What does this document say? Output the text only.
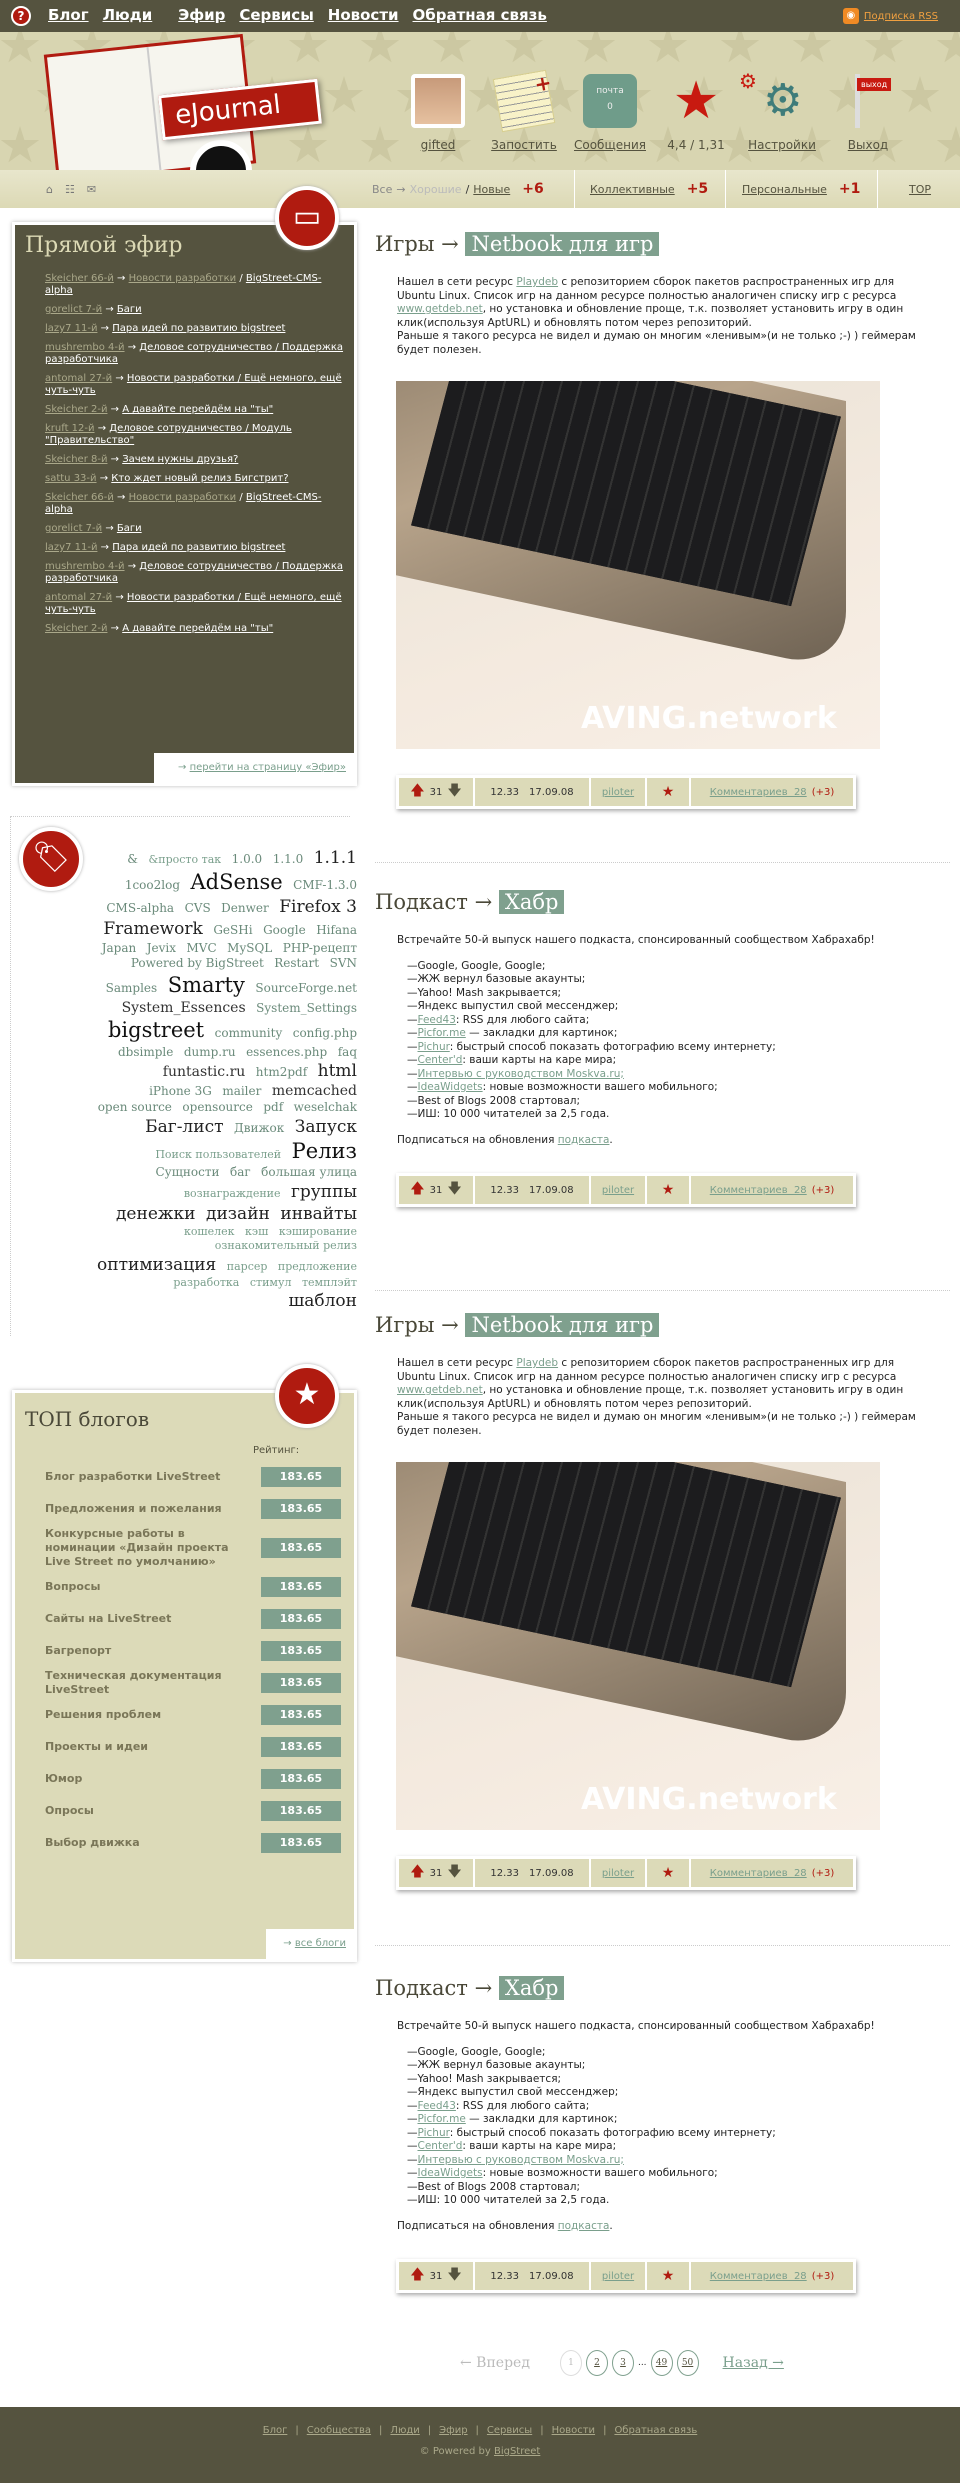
?	Блог Люди Эфир Сервисы Новости Обратная связь	◉ Подписка RSS
eJournal
gifted
+
Запостить
почта
0
Сообщения
★
4,4 / 1,31
⚙
⚙
Настройки
выход
Выход
⌂ ☷ ✉	Все → Хорошие / Новые +6	Коллективные +5	Персональные +1	TOP
Прямой эфир
Skeicher 66-й → Новости разработки / BigStreet-CMS-alpha
gorelict 7-й → Баги
lazy7 11-й → Пара идей по развитию bigstreet
mushrembo 4-й → Деловое сотрудничество / Поддержка разработчика
antomal 27-й → Новости разработки / Ещё немного, ещё чуть-чуть
Skeicher 2-й → А давайте перейдём на "ты"
kruft 12-й → Деловое сотрудничество / Модуль "Правительство"
Skeicher 8-й → Зачем нужны друзья?
sattu 33-й → Кто ждет новый релиз Бигстрит?
Skeicher 66-й → Новости разработки / BigStreet-CMS-alpha
gorelict 7-й → Баги
lazy7 11-й → Пара идей по развитию bigstreet
mushrembo 4-й → Деловое сотрудничество / Поддержка разработчика
antomal 27-й → Новости разработки / Ещё немного, ещё чуть-чуть
Skeicher 2-й → А давайте перейдём на "ты"
→ перейти на страницу «Эфир»
▭
🏷	& &просто так 1.0.0 1.1.0 1.1.1 1coo2log AdSense CMF-1.3.0 CMS-alpha CVS Denwer Firefox 3 Framework GeSHi Google Hifana Japan Jevix MVC MySQL PHP-рецепт Powered by BigStreet Restart SVN Samples Smarty SourceForge.net System_Essences System_Settings bigstreet community config.php dbsimple dump.ru essences.php faq funtastic.ru htm2pdf html iPhone 3G mailer memcached open source opensource pdf weselchak Баг-лист Движок Запуск Поиск пользователей Релиз Сущности баг большая улица вознаграждение группы денежки дизайн инвайты кошелек кэш кэширование ознакомительный релиз оптимизация парсер предложение разработка стимул темплэйт шаблон
ТОП блогов
Рейтинг:
Блог разработки LiveStreet	183.65
Предложения и пожелания	183.65
Конкурсные работы в номинации «Дизайн проекта Live Street по умолчанию»
183.65
Вопросы	183.65
Сайты на LiveStreet	183.65
Багрепорт	183.65
Техническая документация LiveStreet
183.65
Решения проблем	183.65
Проекты и идеи	183.65
Юмор	183.65
Опросы	183.65
Выбор движка	183.65
→ все блоги
★
Игры → Netbook для игр

Нашел в сети ресурс Playdeb с репозиторием сборок пакетов распространенных игр для Ubuntu Linux. Список игр на данном ресурсе полностью аналогичен списку игр с ресурса www.getdeb.net, но установка и обновление проще, т.к. позволяет установить игру в один клик(используя AptURL) и обновлять потом через репозиторий.

Раньше я такого ресурса не видел и думаю он многим «ленивым»(и не только ;-) ) геймерам будет полезен.

AVING.network
🡅 31 🡇	12.33 17.09.08	piloter ★	Комментариев  28 (+3)
Подкаст → Хабр

Встречайте 50-й выпуск нашего подкаста, спонсированный сообществом Хабрахабр!

—Google, Google, Google;
—ЖЖ вернул базовые акаунты;
—Yahoo! Mash закрывается;
—Яндекс выпустил свой мессенджер;
—Feed43: RSS для любого сайта;
—Picfor.me — закладки для картинок;
—Pichur: быстрый способ показать фотографию всему интернету;
—Center'd: ваши карты на каре мира;
—Интервью с руководством Moskva.ru;
—IdeaWidgets: новые возможности вашего мобильного;
—Best of Blogs 2008 стартовал;
—ИШ: 10 000 читателей за 2,5 года.

Подписаться на обновления подкаста.

🡅 31 🡇	12.33 17.09.08	piloter ★	Комментариев  28 (+3)
Игры → Netbook для игр

Нашел в сети ресурс Playdeb с репозиторием сборок пакетов распространенных игр для Ubuntu Linux. Список игр на данном ресурсе полностью аналогичен списку игр с ресурса www.getdeb.net, но установка и обновление проще, т.к. позволяет установить игру в один клик(используя AptURL) и обновлять потом через репозиторий.

Раньше я такого ресурса не видел и думаю он многим «ленивым»(и не только ;-) ) геймерам будет полезен.

AVING.network
🡅 31 🡇	12.33 17.09.08	piloter ★	Комментариев  28 (+3)
Подкаст → Хабр

Встречайте 50-й выпуск нашего подкаста, спонсированный сообществом Хабрахабр!

—Google, Google, Google;
—ЖЖ вернул базовые акаунты;
—Yahoo! Mash закрывается;
—Яндекс выпустил свой мессенджер;
—Feed43: RSS для любого сайта;
—Picfor.me — закладки для картинок;
—Pichur: быстрый способ показать фотографию всему интернету;
—Center'd: ваши карты на каре мира;
—Интервью с руководством Moskva.ru;
—IdeaWidgets: новые возможности вашего мобильного;
—Best of Blogs 2008 стартовал;
—ИШ: 10 000 читателей за 2,5 года.

Подписаться на обновления подкаста.

🡅 31 🡇	12.33 17.09.08	piloter ★	Комментариев  28 (+3)
← Вперед	1	2	3	...	49	50	Назад →
Блог | Сообщества | Люди | Эфир | Сервисы | Новости | Обратная связь
© Powered by BigStreet
